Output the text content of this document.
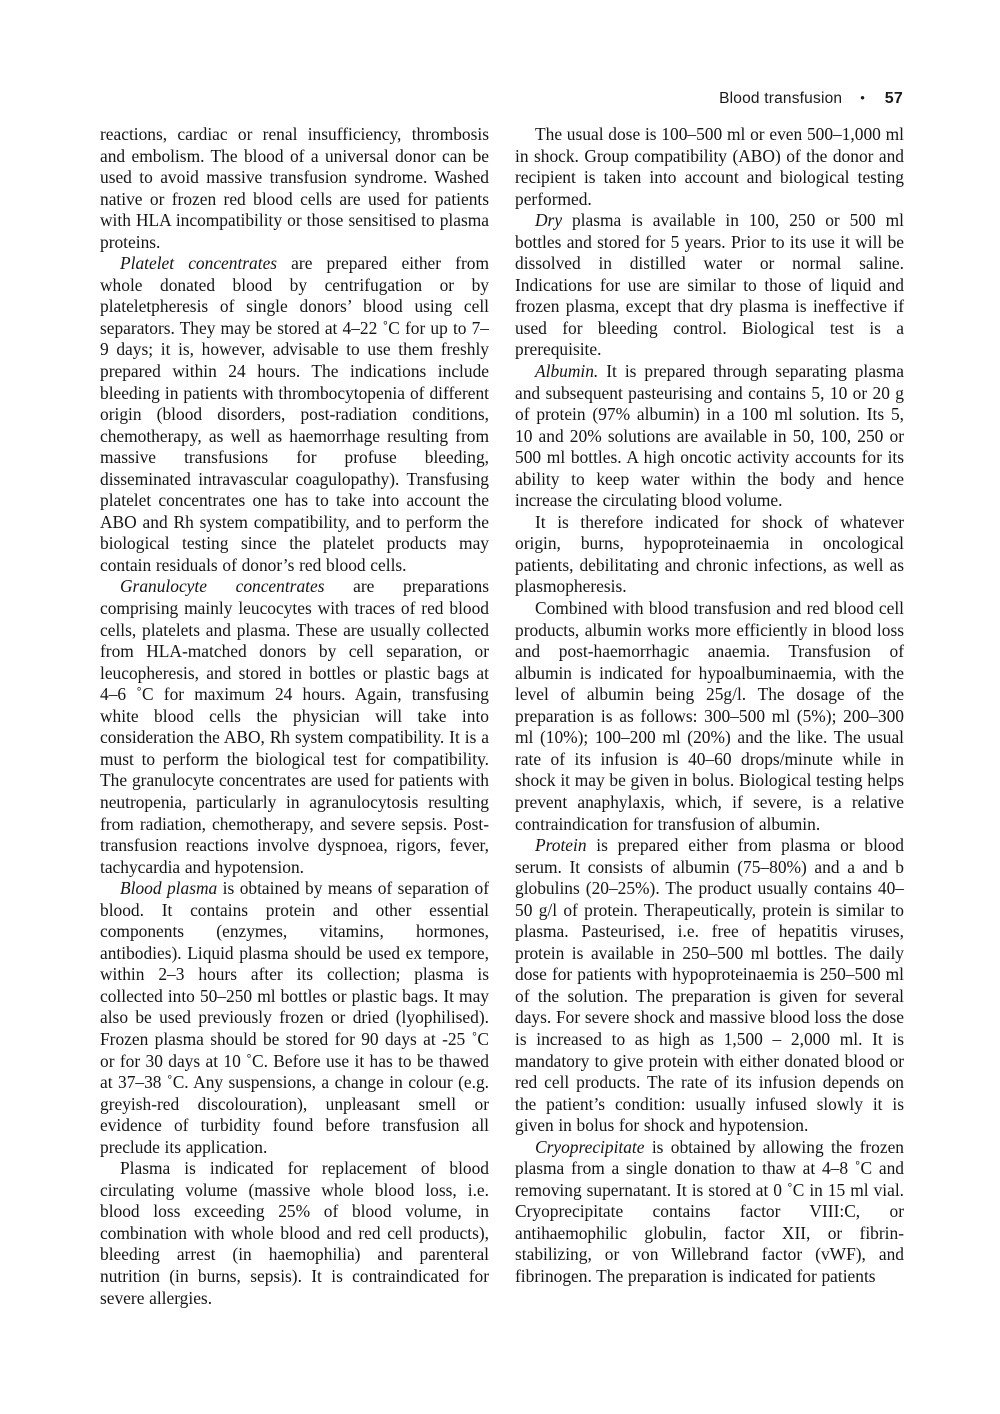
Blood transfusion • 57

reactions, cardiac or renal insufficiency, thrombosis and embolism. The blood of a universal donor can be used to avoid massive transfusion syndrome. Washed native or frozen red blood cells are used for patients with HLA incompatibility or those sensitised to plasma proteins.

Platelet concentrates are prepared either from whole donated blood by centrifugation or by plateletpheresis of single donors’ blood using cell separators. They may be stored at 4–22 ˚C for up to 7–9 days; it is, however, advisable to use them freshly prepared within 24 hours. The indications include bleeding in patients with thrombocytopenia of different origin (blood disorders, post-radiation conditions, chemotherapy, as well as haemorrhage resulting from massive transfusions for profuse bleeding, disseminated intravascular coagulopathy). Transfusing platelet concentrates one has to take into account the ABO and Rh system compatibility, and to perform the biological testing since the platelet products may contain residuals of donor’s red blood cells.

Granulocyte concentrates are preparations comprising mainly leucocytes with traces of red blood cells, platelets and plasma. These are usually collected from HLA-matched donors by cell separation, or leucopheresis, and stored in bottles or plastic bags at 4–6 ˚C for maximum 24 hours. Again, transfusing white blood cells the physician will take into consideration the ABO, Rh system compatibility. It is a must to perform the biological test for compatibility. The granulocyte concentrates are used for patients with neutropenia, particularly in agranulocytosis resulting from radiation, chemotherapy, and severe sepsis. Post-transfusion reactions involve dyspnoea, rigors, fever, tachycardia and hypotension.

Blood plasma is obtained by means of separation of blood. It contains protein and other essential components (enzymes, vitamins, hormones, antibodies). Liquid plasma should be used ex tempore, within 2–3 hours after its collection; plasma is collected into 50–250 ml bottles or plastic bags. It may also be used previously frozen or dried (lyophilised). Frozen plasma should be stored for 90 days at -25 ˚C or for 30 days at 10 ˚C. Before use it has to be thawed at 37–38 ˚C. Any suspensions, a change in colour (e.g. greyish-red discolouration), unpleasant smell or evidence of turbidity found before transfusion all preclude its application.

Plasma is indicated for replacement of blood circulating volume (massive whole blood loss, i.e. blood loss exceeding 25% of blood volume, in combination with whole blood and red cell products), bleeding arrest (in haemophilia) and parenteral nutrition (in burns, sepsis). It is contraindicated for severe allergies.

The usual dose is 100–500 ml or even 500–1,000 ml in shock. Group compatibility (ABO) of the donor and recipient is taken into account and biological testing performed.

Dry plasma is available in 100, 250 or 500 ml bottles and stored for 5 years. Prior to its use it will be dissolved in distilled water or normal saline. Indications for use are similar to those of liquid and frozen plasma, except that dry plasma is ineffective if used for bleeding control. Biological test is a prerequisite.

Albumin. It is prepared through separating plasma and subsequent pasteurising and contains 5, 10 or 20 g of protein (97% albumin) in a 100 ml solution. Its 5, 10 and 20% solutions are available in 50, 100, 250 or 500 ml bottles. A high oncotic activity accounts for its ability to keep water within the body and hence increase the circulating blood volume.

It is therefore indicated for shock of whatever origin, burns, hypoproteinaemia in oncological patients, debilitating and chronic infections, as well as plasmopheresis.

Combined with blood transfusion and red blood cell products, albumin works more efficiently in blood loss and post-haemorrhagic anaemia. Transfusion of albumin is indicated for hypoalbuminaemia, with the level of albumin being 25g/l. The dosage of the preparation is as follows: 300–500 ml (5%); 200–300 ml (10%); 100–200 ml (20%) and the like. The usual rate of its infusion is 40–60 drops/minute while in shock it may be given in bolus. Biological testing helps prevent anaphylaxis, which, if severe, is a relative contraindication for transfusion of albumin.

Protein is prepared either from plasma or blood serum. It consists of albumin (75–80%) and a and b globulins (20–25%). The product usually contains 40–50 g/l of protein. Therapeutically, protein is similar to plasma. Pasteurised, i.e. free of hepatitis viruses, protein is available in 250–500 ml bottles. The daily dose for patients with hypoproteinaemia is 250–500 ml of the solution. The preparation is given for several days. For severe shock and massive blood loss the dose is increased to as high as 1,500 – 2,000 ml. It is mandatory to give protein with either donated blood or red cell products. The rate of its infusion depends on the patient’s condition: usually infused slowly it is given in bolus for shock and hypotension.

Cryoprecipitate is obtained by allowing the frozen plasma from a single donation to thaw at 4–8 ˚C and removing supernatant. It is stored at 0 ˚C in 15 ml vial. Cryoprecipitate contains factor VIII:C, or antihaemophilic globulin, factor XII, or fibrin-stabilizing, or von Willebrand factor (vWF), and fibrinogen. The preparation is indicated for patients
